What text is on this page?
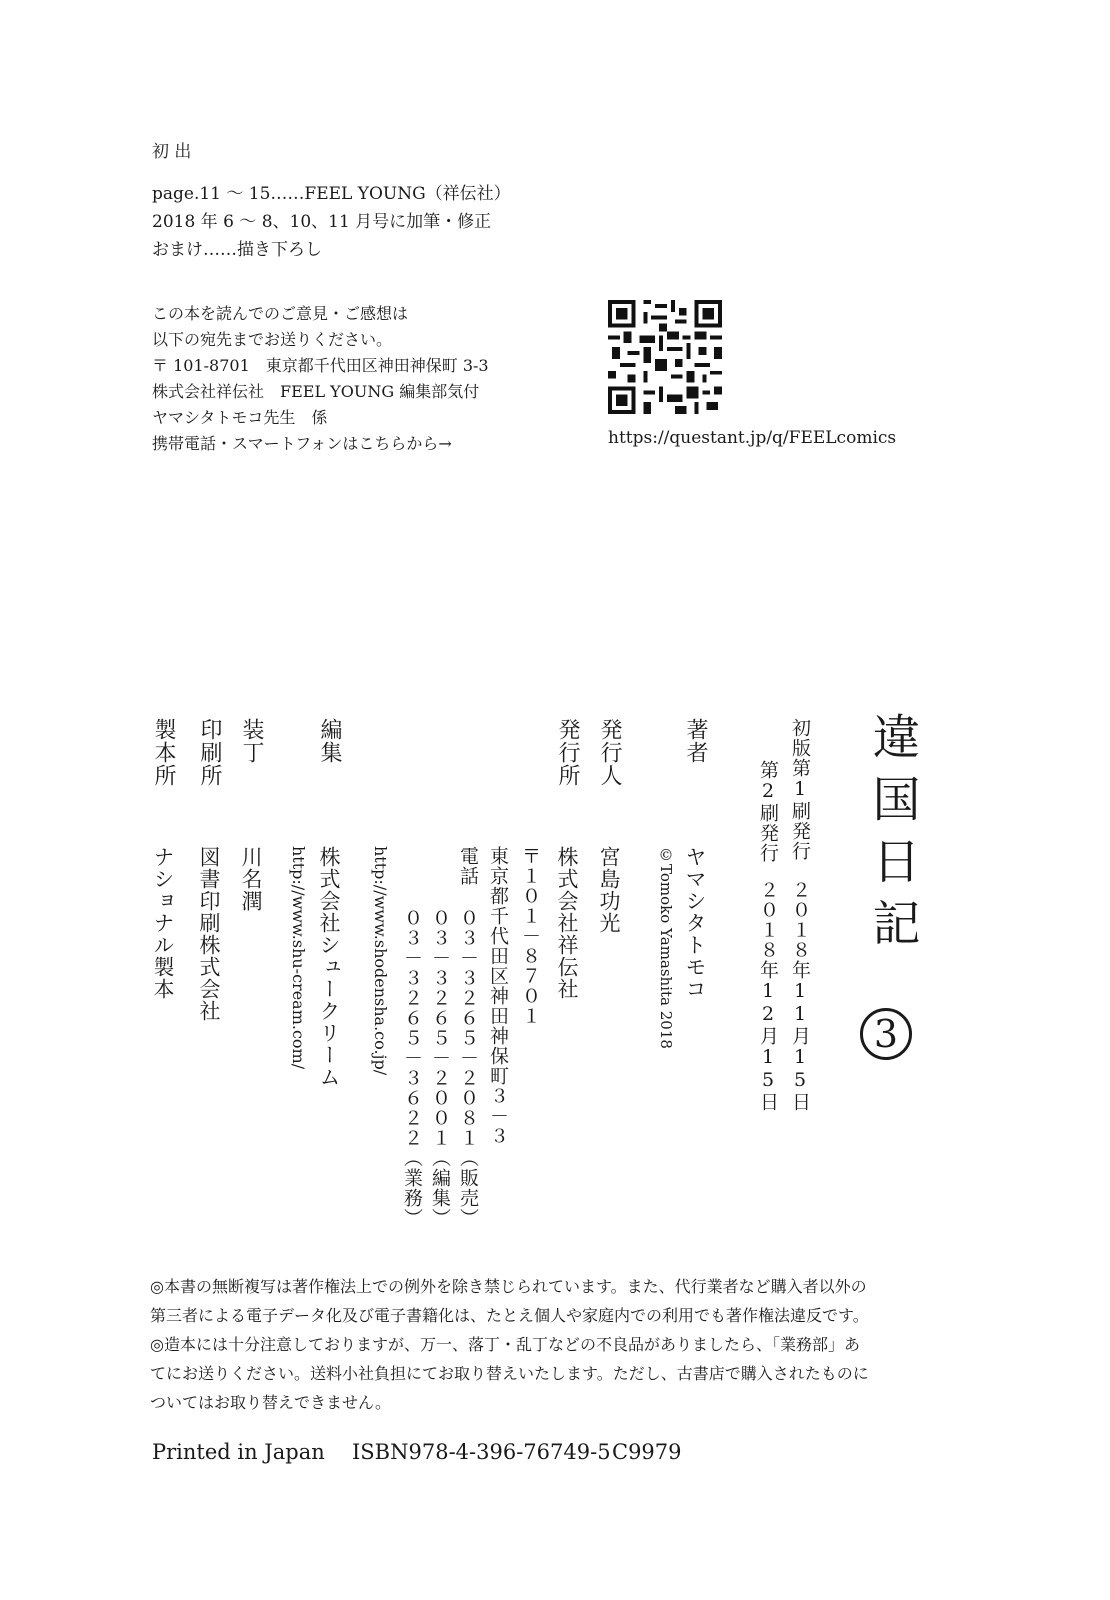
初 出
page.11 ～ 15……FEEL YOUNG（祥伝社）
2018 年 6 ～ 8、10、11 月号に加筆・修正
おまけ……描き下ろし
この本を読んでのご意見・ご感想は
以下の宛先までお送りください。
〒 101-8701　東京都千代田区神田神保町 3-3
株式会社祥伝社　FEEL YOUNG 編集部気付
ヤマシタトモコ先生　係
携帯電話・スマートフォンはこちらから→	https://questant.jp/q/FEELcomics
違国日記
3
初版第1刷発行
２０１８年11月15日
第2刷発行
２０１８年12月15日
著者
ヤマシタトモコ
©Tomoko Yamashita 2018
発行人
宮島功光
発行所
株式会社祥伝社
〒１０１－８７０１
東京都千代田区神田神保町３－３
電話
０３－３２６５－２０８１（販売）
０３－３２６５－２００１（編集）
０３－３２６５－３６２２（業務）
http://www.shodensha.co.jp/
編集
株式会社シュークリーム
http://www.shu-cream.com/
装丁
川名潤
印刷所
図書印刷株式会社
製本所
ナショナル製本
◎本書の無断複写は著作権法上での例外を除き禁じられています。また、代行業者など購入者以外の
第三者による電子データ化及び電子書籍化は、たとえ個人や家庭内での利用でも著作権法違反です。
◎造本には十分注意しておりますが、万一、落丁・乱丁などの不良品がありましたら、「業務部」あ
てにお送りください。送料小社負担にてお取り替えいたします。ただし、古書店で購入されたものに
ついてはお取り替えできません。
Printed in Japan ISBN978-4-396-76749-5 C9979
